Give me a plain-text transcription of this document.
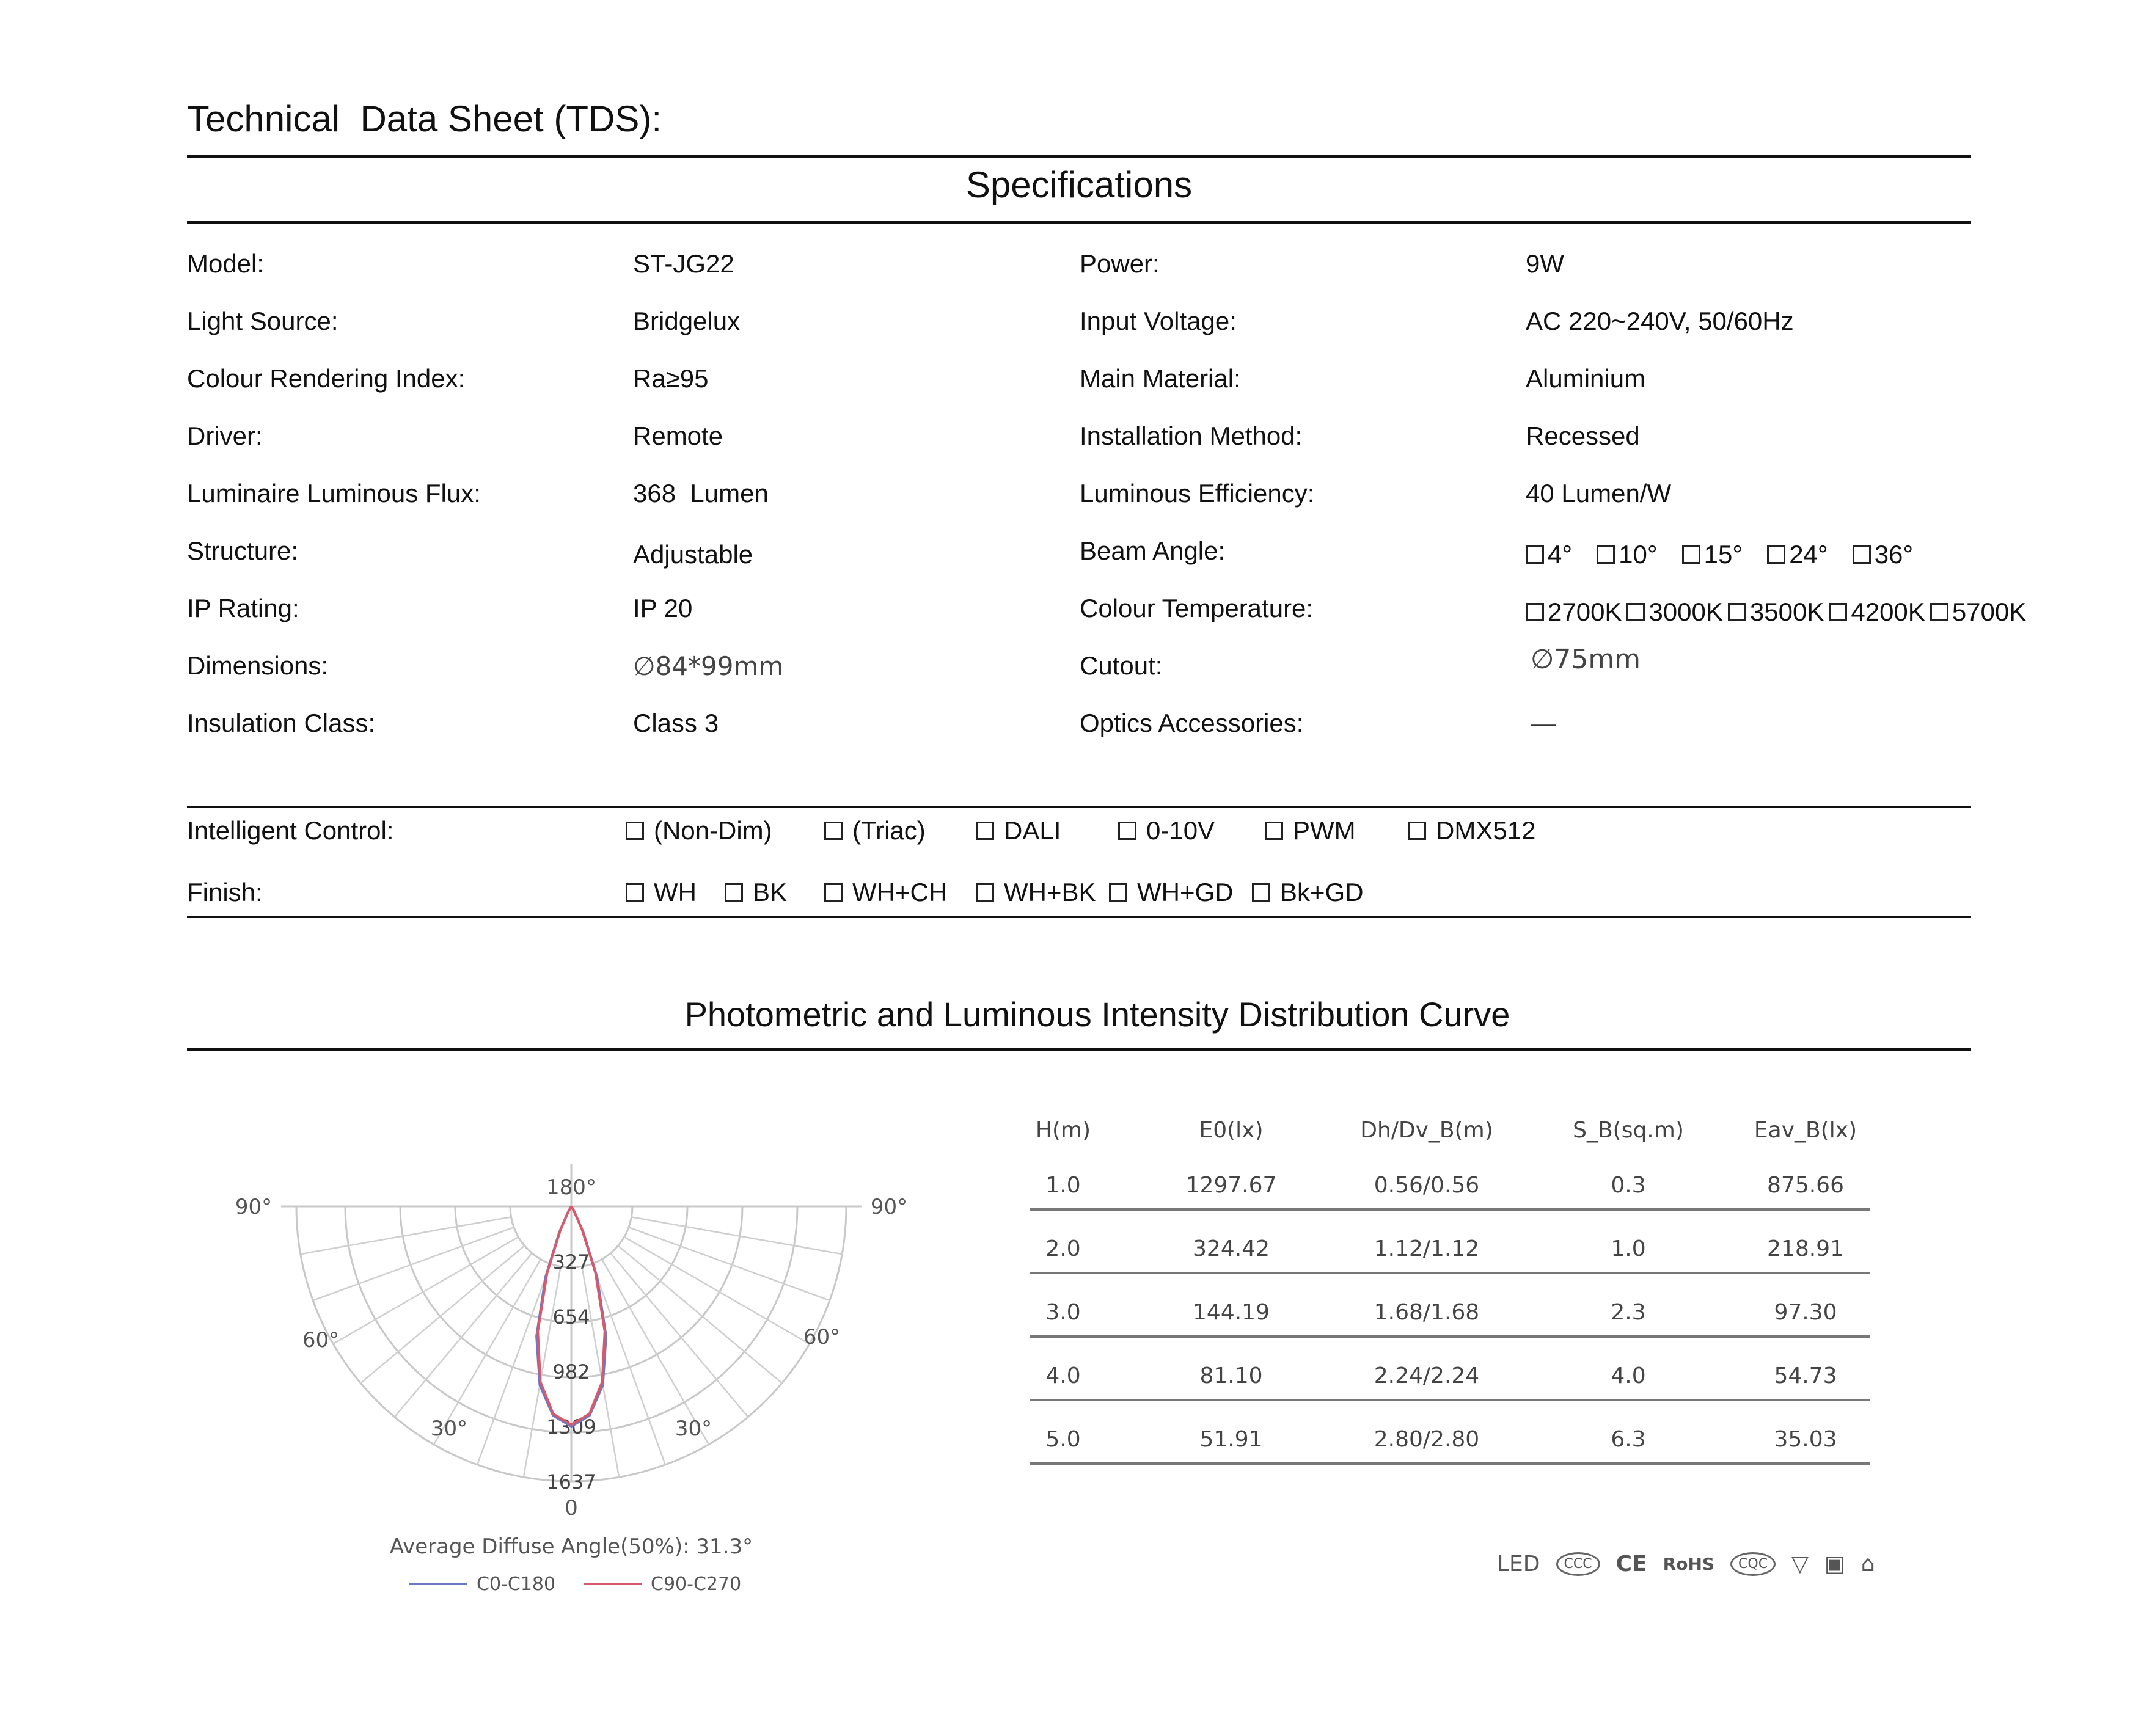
Technical  Data Sheet (TDS):
Specifications
Model:	ST-JG22
Light Source:	Bridgelux
Colour Rendering Index:	Ra≥95
Driver:	Remote
Luminaire Luminous Flux:	368  Lumen
Structure:	Adjustable
IP Rating:	IP 20
Dimensions:	∅84*99mm
Insulation Class:	Class 3
Power:	9W
Input Voltage:	AC 220~240V, 50/60Hz
Main Material:	Aluminium
Installation Method:	Recessed
Luminous Efficiency:	40 Lumen/W
Beam Angle:	4° 10° 15° 24° 36°
Colour Temperature:	2700K 3000K 3500K 4200K 5700K
Cutout:	∅75mm
Optics Accessories:	—
Intelligent Control:	(Non-Dim)	(Triac)	DALI	0-10V	PWM	DMX512
Finish:	WH BK	WH+CH WH+BK WH+GD Bk+GD
Photometric and Luminous Intensity Distribution Curve
180°
90°	90°
60°	60°
30°	30°
0
327
654
982
1309
1637
Average Diffuse Angle(50%): 31.3°
C0-C180	C90-C270
H(m)	E0(lx)	Dh/Dv_B(m)	S_B(sq.m)	Eav_B(lx)
1.0	1297.67	0.56/0.56	0.3	875.66
2.0	324.42	1.12/1.12	1.0	218.91
3.0	144.19	1.68/1.68	2.3	97.30
4.0	81.10	2.24/2.24	4.0	54.73
5.0	51.91	2.80/2.80	6.3	35.03
LED	CCC	CE RoHS	CQC	▽ ▣ ⌂
